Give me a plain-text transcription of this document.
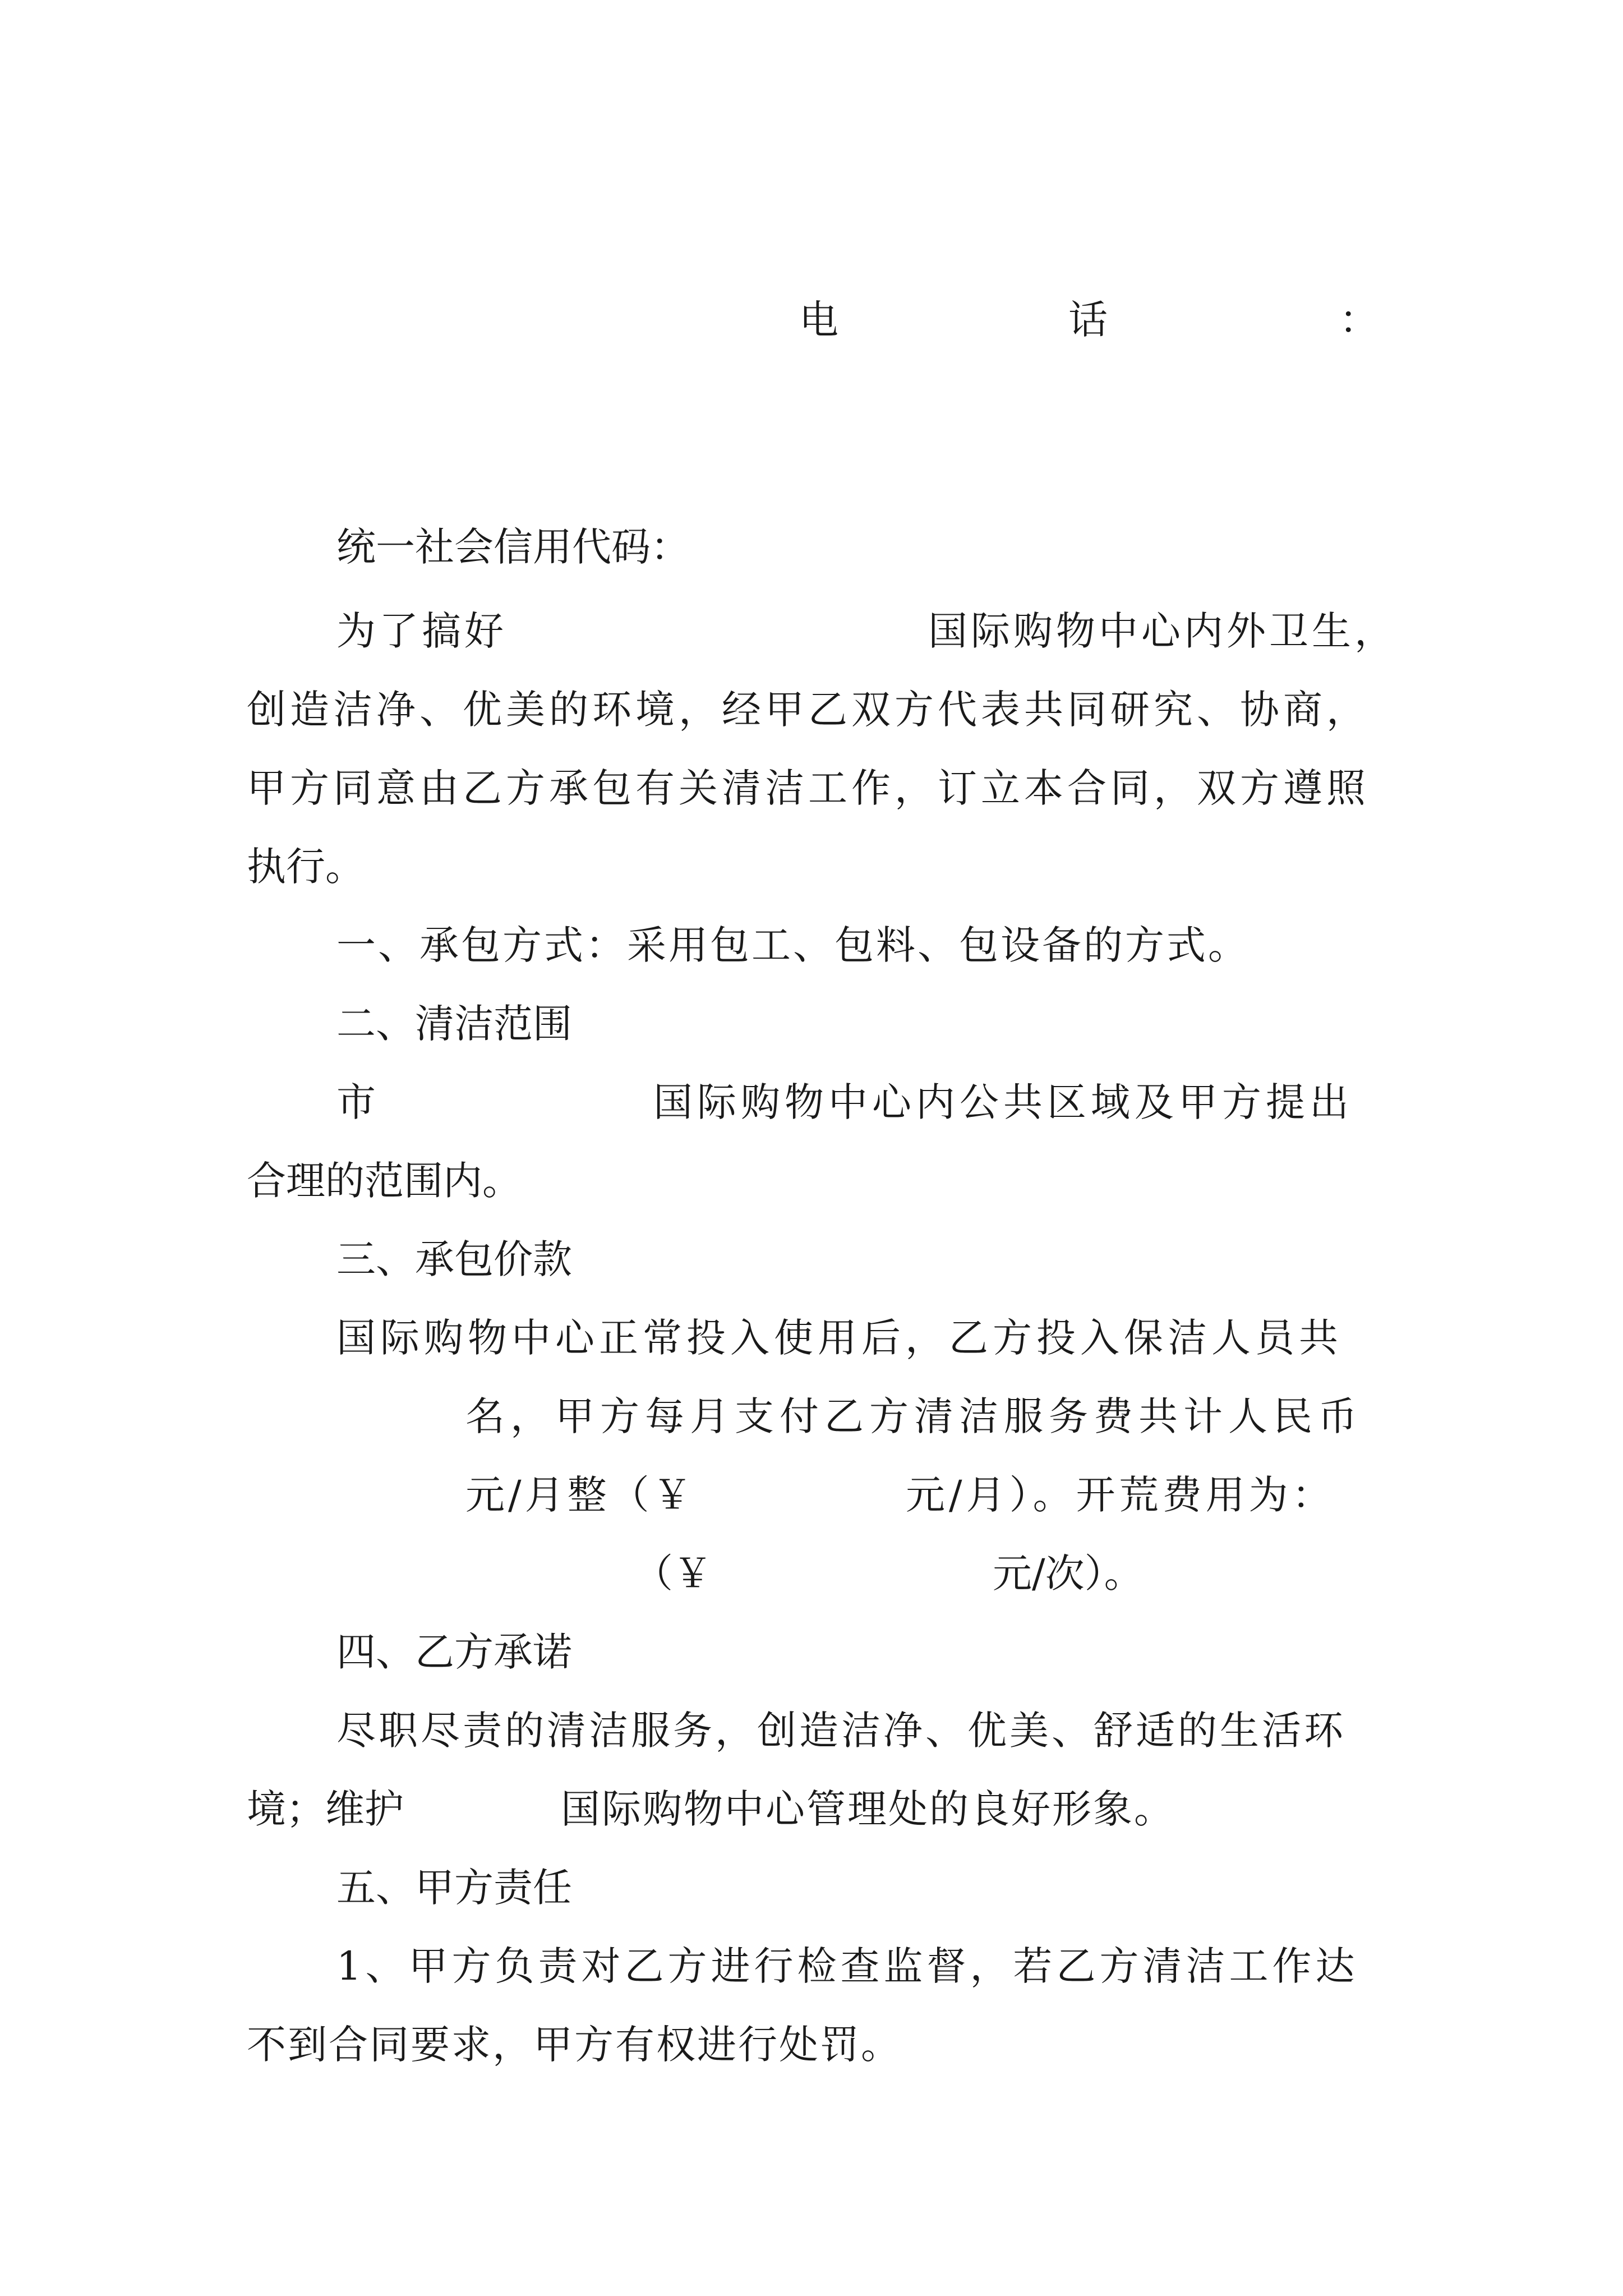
电	话	：
统一社会信用代码：
为了搞好	国际购物中心内外卫生，
创造洁净、优美的环境，经甲乙双方代表共同研究、协商，
甲方同意由乙方承包有关清洁工作，订立本合同，双方遵照
执行。
一、承包方式：采用包工、包料、包设备的方式。
二、清洁范围
市	国际购物中心内公共区域及甲方提出
合理的范围内。
三、承包价款
国际购物中心正常投入使用后，乙方投入保洁人员共
名，甲方每月支付乙方清洁服务费共计人民币
元/月整（￥	元/月）。开荒费用为：
（￥	元/次）。
四、乙方承诺
尽职尽责的清洁服务，创造洁净、优美、舒适的生活环
境；维护	国际购物中心管理处的良好形象。
五、甲方责任
1、甲方负责对乙方进行检查监督，若乙方清洁工作达
不到合同要求，甲方有权进行处罚。
